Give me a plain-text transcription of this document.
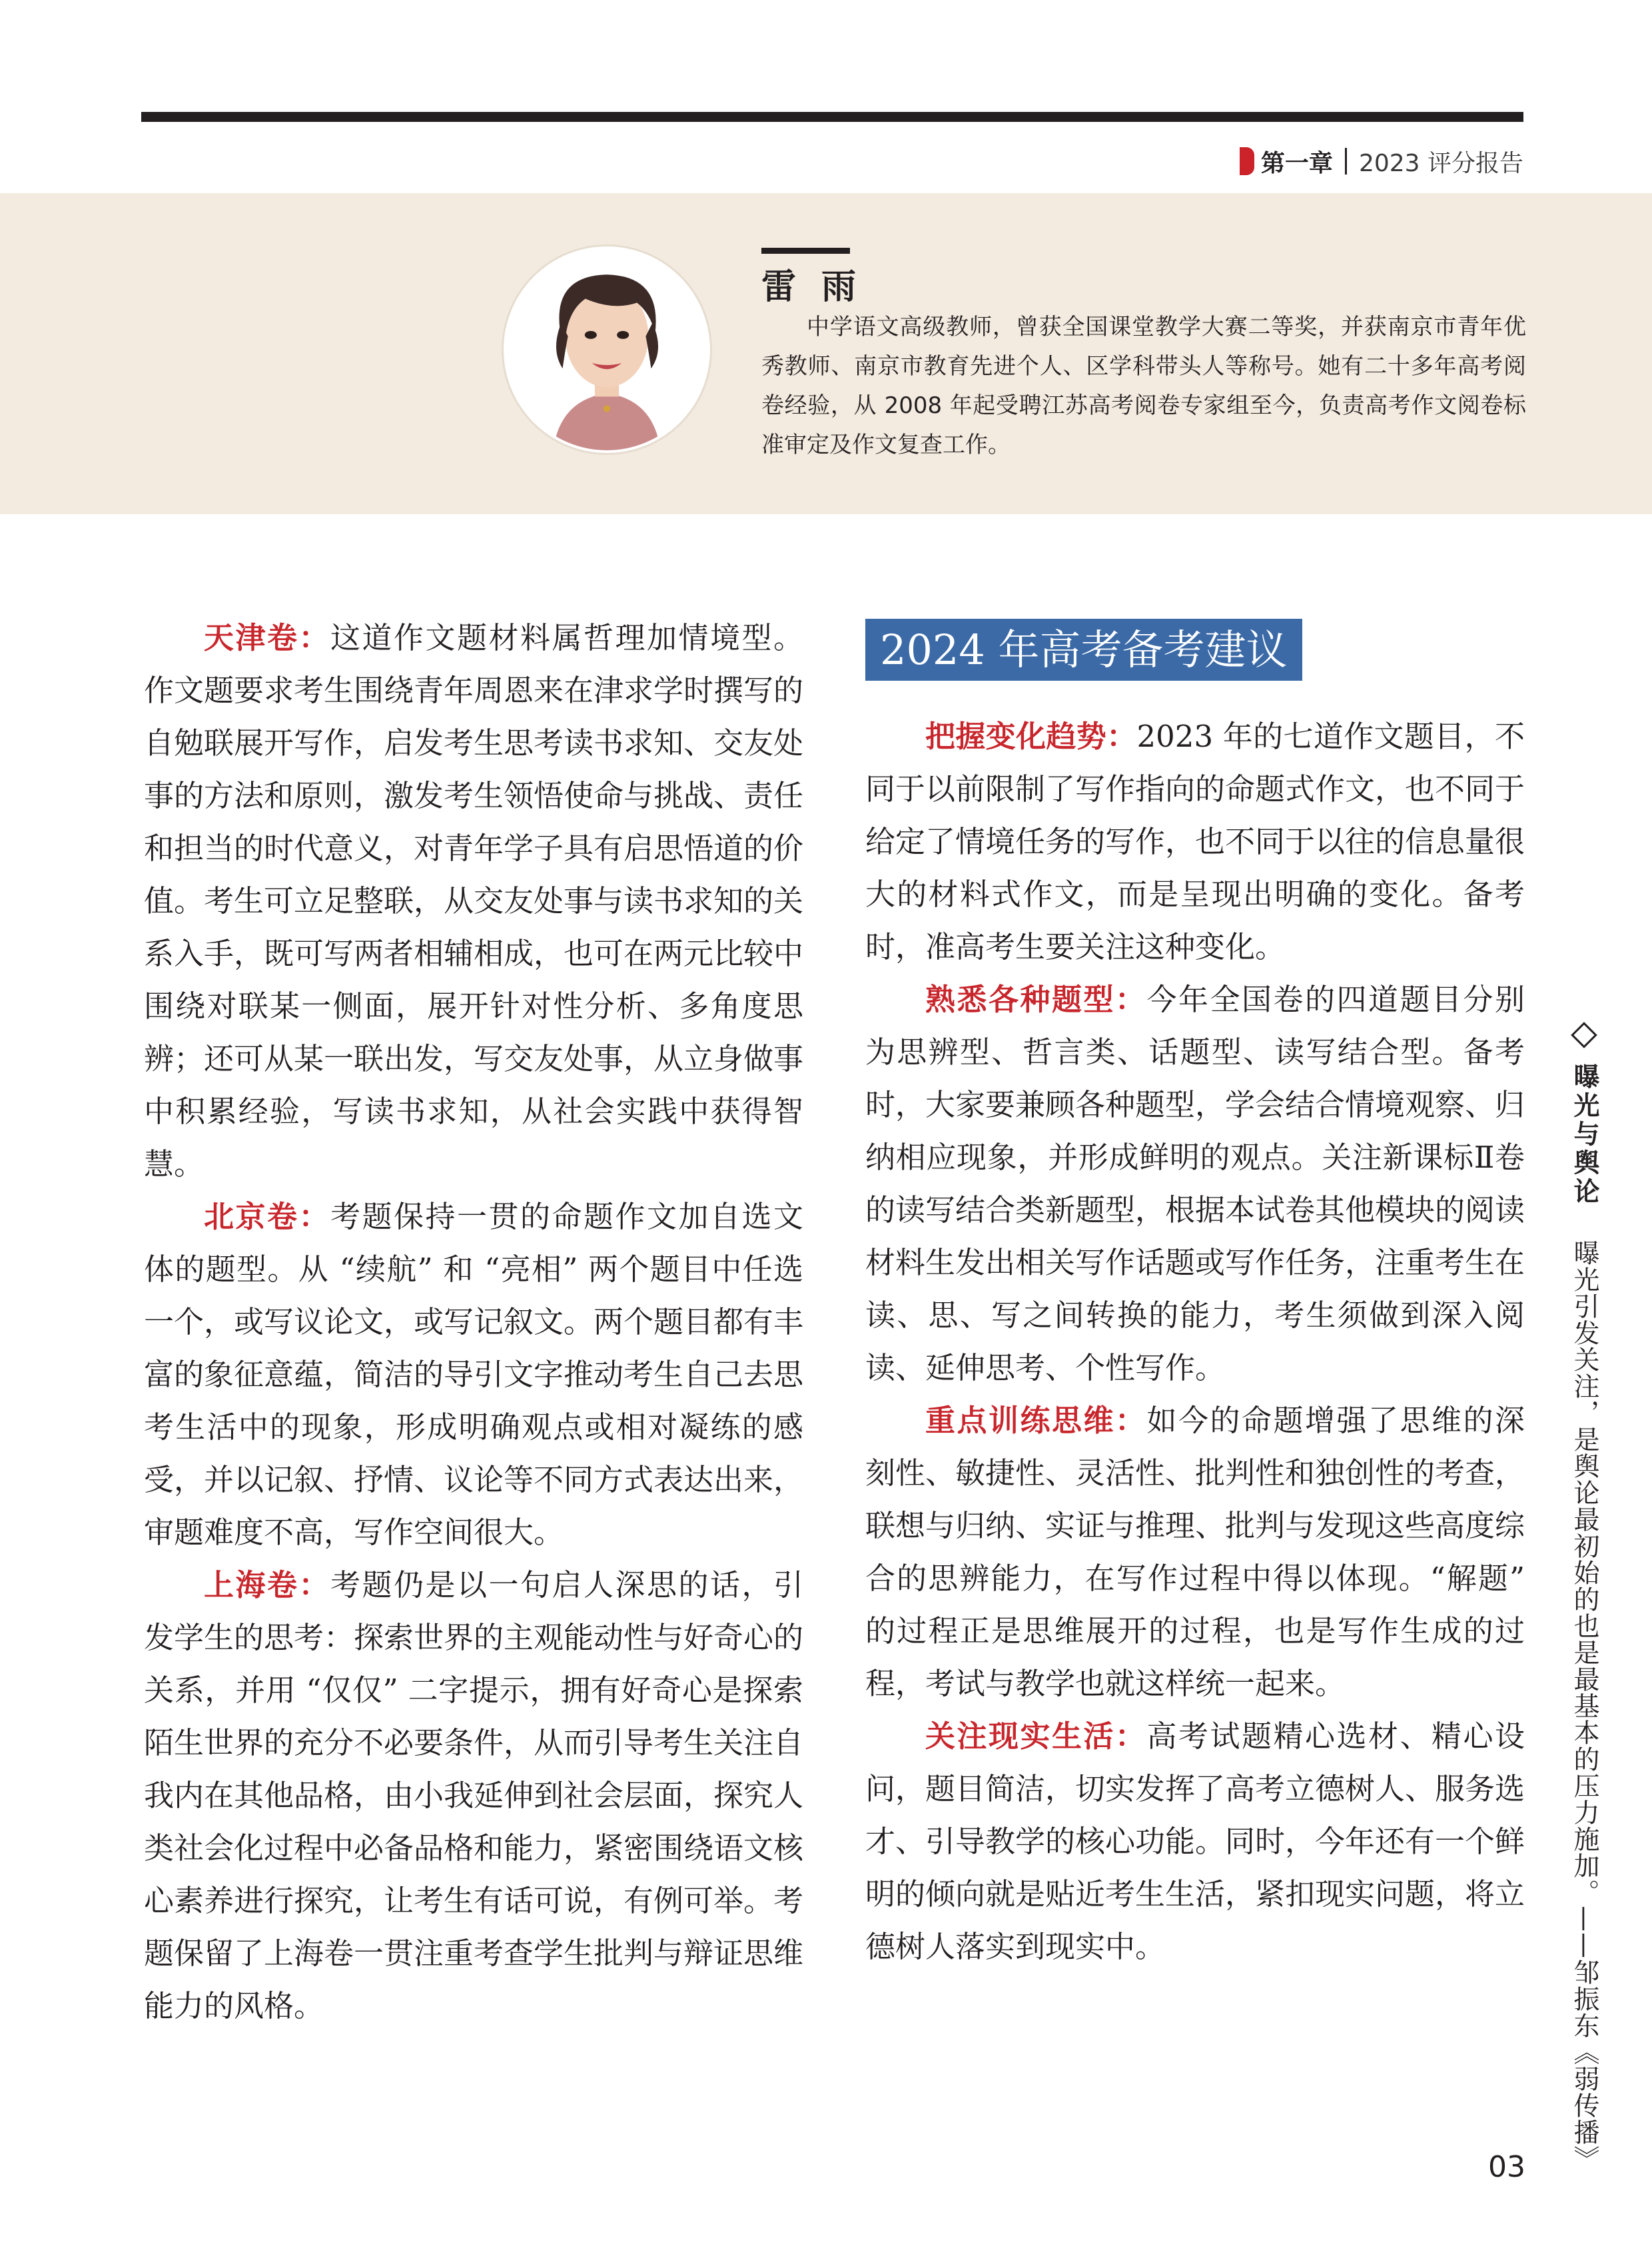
第一章 2023 评分报告
雷雨
中学语文高级教师，曾获全国课堂教学大赛二等奖，并获南京市青年优秀教师、南京市教育先进个人、区学科带头人等称号。她有二十多年高考阅卷经验，从 2008 年起受聘江苏高考阅卷专家组至今，负责高考作文阅卷标准审定及作文复查工作。

天津卷：这道作文题材料属哲理加情境型。作文题要求考生围绕青年周恩来在津求学时撰写的自勉联展开写作，启发考生思考读书求知、交友处事的方法和原则，激发考生领悟使命与挑战、责任和担当的时代意义，对青年学子具有启思悟道的价值。考生可立足整联，从交友处事与读书求知的关系入手，既可写两者相辅相成，也可在两元比较中围绕对联某一侧面，展开针对性分析、多角度思辨；还可从某一联出发，写交友处事，从立身做事中积累经验，写读书求知，从社会实践中获得智慧。

北京卷：考题保持一贯的命题作文加自选文体的题型。从 “续航” 和 “亮相” 两个题目中任选一个，或写议论文，或写记叙文。两个题目都有丰富的象征意蕴，简洁的导引文字推动考生自己去思考生活中的现象，形成明确观点或相对凝练的感受，并以记叙、抒情、议论等不同方式表达出来，审题难度不高，写作空间很大。

上海卷：考题仍是以一句启人深思的话，引发学生的思考：探索世界的主观能动性与好奇心的关系，并用 “仅仅” 二字提示，拥有好奇心是探索陌生世界的充分不必要条件，从而引导考生关注自我内在其他品格，由小我延伸到社会层面，探究人类社会化过程中必备品格和能力，紧密围绕语文核心素养进行探究，让考生有话可说，有例可举。考题保留了上海卷一贯注重考查学生批判与辩证思维能力的风格。

2024 年高考备考建议

把握变化趋势：2023 年的七道作文题目，不同于以前限制了写作指向的命题式作文，也不同于给定了情境任务的写作，也不同于以往的信息量很大的材料式作文，而是呈现出明确的变化。备考时，准高考生要关注这种变化。

熟悉各种题型：今年全国卷的四道题目分别为思辨型、哲言类、话题型、读写结合型。备考时，大家要兼顾各种题型，学会结合情境观察、归纳相应现象，并形成鲜明的观点。关注新课标Ⅱ卷的读写结合类新题型，根据本试卷其他模块的阅读材料生发出相关写作话题或写作任务，注重考生在读、思、写之间转换的能力，考生须做到深入阅读、延伸思考、个性写作。

重点训练思维：如今的命题增强了思维的深刻性、敏捷性、灵活性、批判性和独创性的考查，联想与归纳、实证与推理、批判与发现这些高度综合的思辨能力，在写作过程中得以体现。“解题” 的过程正是思维展开的过程，也是写作生成的过程，考试与教学也就这样统一起来。

关注现实生活：高考试题精心选材、精心设问，题目简洁，切实发挥了高考立德树人、服务选才、引导教学的核心功能。同时，今年还有一个鲜明的倾向就是贴近考生生活，紧扣现实问题，将立德树人落实到现实中。

曝光与舆论
曝光引发关注，是舆论最初始的也是最基本的压力施加。——邹振东《弱传播》
03
